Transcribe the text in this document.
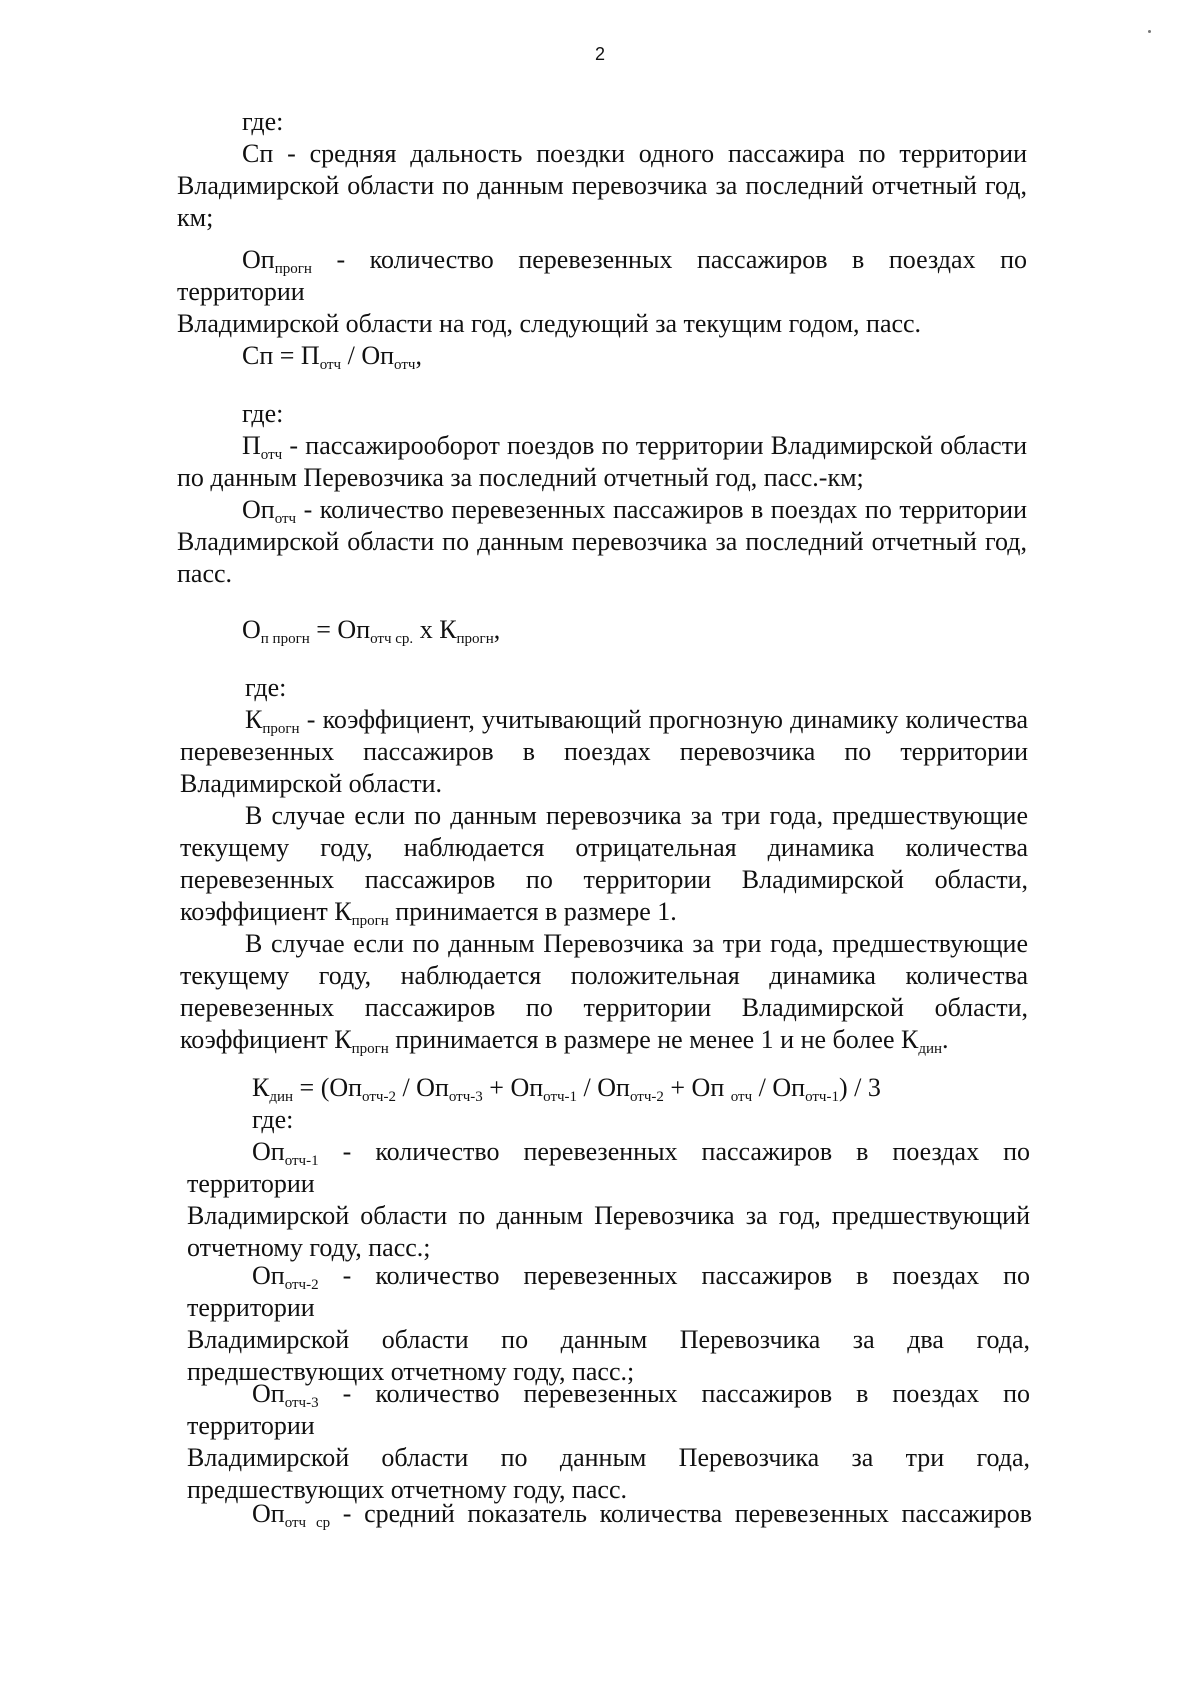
2

где:

Сп - средняя дальность поездки одного пассажира по территории

Владимирской области по данным перевозчика за последний отчетный год,

км;

$Оп_{прогн}$ - количество перевезенных пассажиров в поездах по территории

Владимирской области на год, следующий за текущим годом, пасс.

Сп = $П_{отч} / Оп_{отч}$,

где:

$П_{отч}$ - пассажирооборот поездов по территории Владимирской области

по данным Перевозчика за последний отчетный год, пасс.-км;

$Оп_{отч}$ - количество перевезенных пассажиров в поездах по территории

Владимирской области по данным перевозчика за последний отчетный год,

пасс.

$О_{п прогн} = Оп_{отч ср.}$ х $К_{прогн}$,

где:

$К_{прогн}$ - коэффициент, учитывающий прогнозную динамику количества

перевезенных пассажиров в поездах перевозчика по территории

Владимирской области.

В случае если по данным перевозчика за три года, предшествующие

текущему году, наблюдается отрицательная динамика количества

перевезенных пассажиров по территории Владимирской области,

коэффициент $К_{прогн}$ принимается в размере 1.

В случае если по данным Перевозчика за три года, предшествующие

текущему году, наблюдается положительная динамика количества

перевезенных пассажиров по территории Владимирской области,

коэффициент $К_{прогн}$ принимается в размере не менее 1 и не более $К_{дин}$.

$К_{дин} = (Оп_{отч-2} / Оп_{отч-3} + Оп_{отч-1} / Оп_{отч-2}$ + Оп $_{отч} / Оп_{отч-1}) / 3$

где:

$Оп_{отч-1}$ - количество перевезенных пассажиров в поездах по территории

Владимирской области по данным Перевозчика за год, предшествующий

отчетному году, пасс.;

$Оп_{отч-2}$ - количество перевезенных пассажиров в поездах по территории

Владимирской области по данным Перевозчика за два года,

предшествующих отчетному году, пасс.;

$Оп_{отч-3}$ - количество перевезенных пассажиров в поездах по территории

Владимирской области по данным Перевозчика за три года,

предшествующих отчетному году, пасс.

$Оп_{отч ср}$ - средний показатель количества перевезенных пассажиров
